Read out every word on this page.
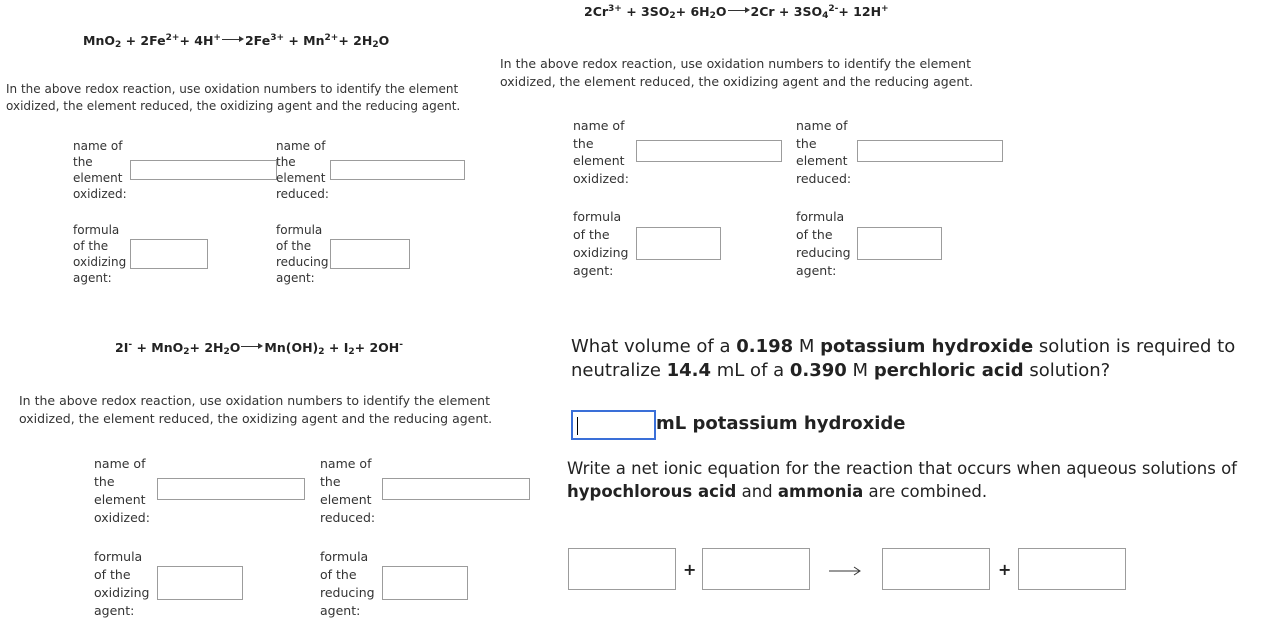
$MnO_2 + 2Fe^{2+}+ 4H^+$ $2Fe^{3+} + Mn^{2+}+ 2H_2O$
In the above redox reaction, use oxidation numbers to identify the element
oxidized, the element reduced, the oxidizing agent and the reducing agent.
name of
the
element
oxidized:
name of
the
element
reduced:
formula
of the
oxidizing
agent:
formula
of the
reducing
agent:
$2Cr^{3+} + 3SO_2+ 6H_2O$ $2Cr + 3SO_4^{2-}+ 12H^+$
In the above redox reaction, use oxidation numbers to identify the element
oxidized, the element reduced, the oxidizing agent and the reducing agent.
name of
the
element
oxidized:
name of
the
element
reduced:
formula
of the
oxidizing
agent:
formula
of the
reducing
agent:
$2I^- + MnO_2+ 2H_2O$ $Mn(OH)_2 + I_2+ 2OH^-$
In the above redox reaction, use oxidation numbers to identify the element
oxidized, the element reduced, the oxidizing agent and the reducing agent.
name of
the
element
oxidized:
name of
the
element
reduced:
formula
of the
oxidizing
agent:
formula
of the
reducing
agent:
What volume of a 0.198 M potassium hydroxide solution is required to
neutralize 14.4 mL of a 0.390 M perchloric acid solution?
mL potassium hydroxide
Write a net ionic equation for the reaction that occurs when aqueous solutions of
hypochlorous acid and ammonia are combined.
+	+
